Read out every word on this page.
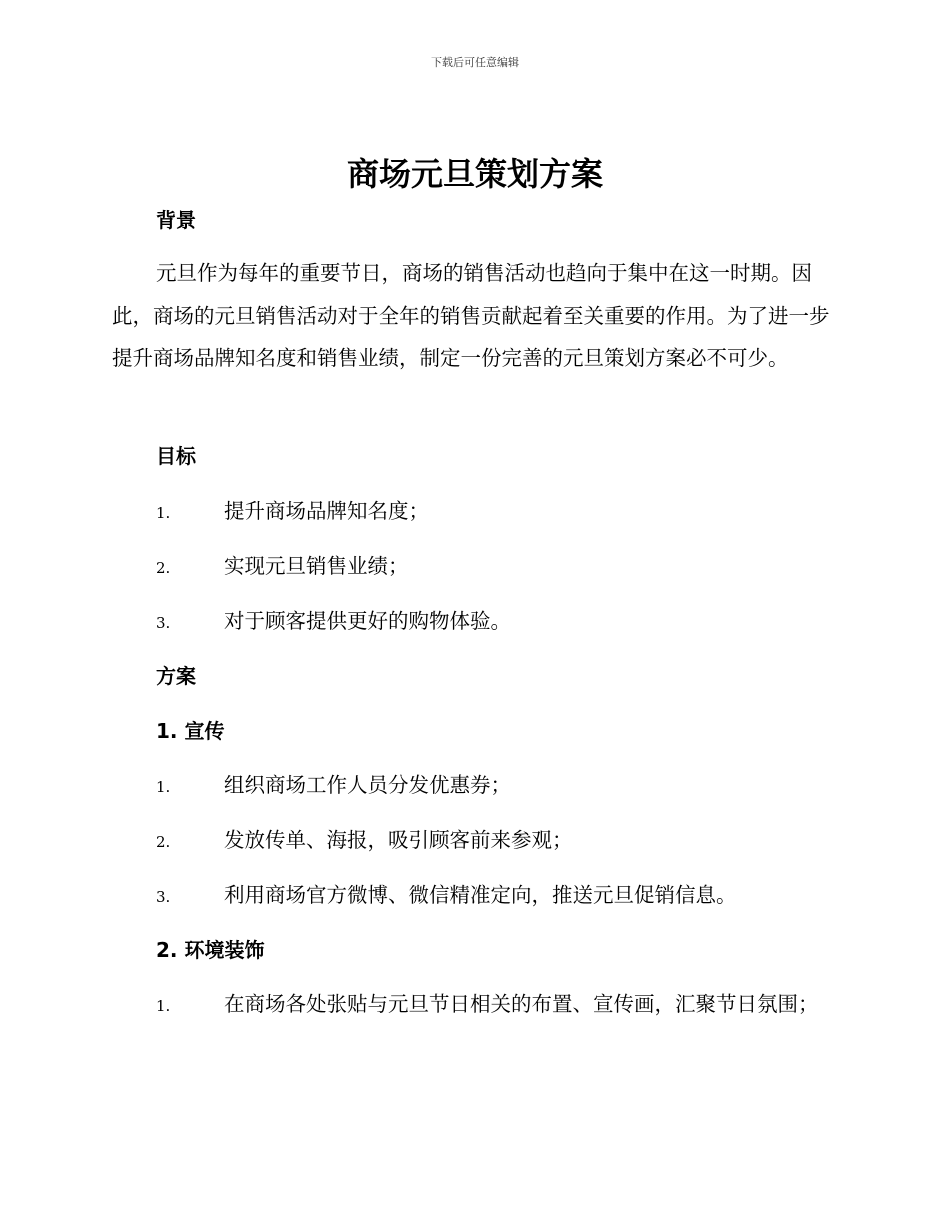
下载后可任意编辑
商场元旦策划方案
背景

元旦作为每年的重要节日，商场的销售活动也趋向于集中在这一时期。因此，商场的元旦销售活动对于全年的销售贡献起着至关重要的作用。为了进一步提升商场品牌知名度和销售业绩，制定一份完善的元旦策划方案必不可少。

目标

1.	提升商场品牌知名度；

2.	实现元旦销售业绩；

3.	对于顾客提供更好的购物体验。

方案
1. 宣传

1.	组织商场工作人员分发优惠券；

2.	发放传单、海报，吸引顾客前来参观；

3.	利用商场官方微博、微信精准定向，推送元旦促销信息。

2. 环境装饰

1.	在商场各处张贴与元旦节日相关的布置、宣传画，汇聚节日氛围；
